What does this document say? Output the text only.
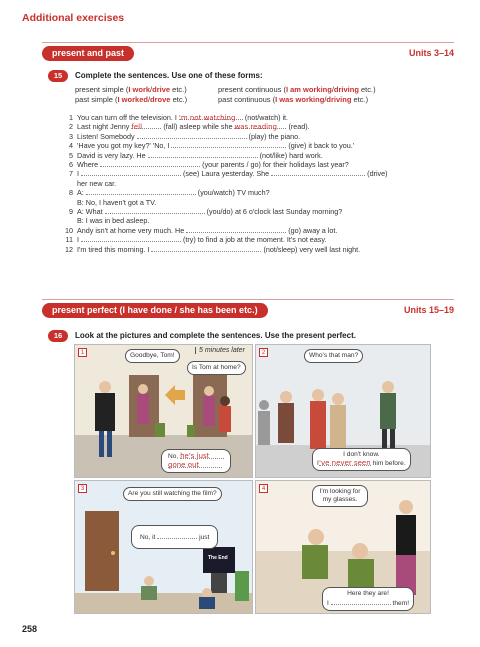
Additional exercises
present and past	Units 3–14
15	Complete the sentences. Use one of these forms:
present simple (I work/drive etc.)
past simple (I worked/drove etc.)
present continuous (I am working/driving etc.)
past continuous (I was working/driving etc.)
1 You can turn off the television. I 'm not watching (not/watch) it.
2 Last night Jenny fell	(fall) asleep while she was reading (read).
3 Listen! Somebody	(play) the piano.
4 'Have you got my key?' 'No, I	(give) it back to you.'
5 David is very lazy. He	(not/like) hard work.
6 Where	(your parents / go) for their holidays last year?
7 I	(see) Laura yesterday. She	(drive)
her new car.
8 A:	(you/watch) TV much?
B: No, I haven't got a TV.
9 A: What	(you/do) at 6 o'clock last Sunday morning?
B: I was in bed asleep.
10 Andy isn't at home very much. He	(go) away a lot.
11 I	(try) to find a job at the moment. It's not easy.
12 I'm tired this morning. I	(not/sleep) very well last night.
present perfect (I have done / she has been etc.)	Units 15–19
16	Look at the pictures and complete the sentences. Use the present perfect.
1	Goodbye, Tom!
5 minutes later
Is Tom at home?
No, he's just
gone out
2	Who's that man?
I don't know.
I've never seen him before.
3
Are you still watching the film?
No, it	just
The End
4	I'm looking for my glasses.
Here they are!
I	them!
258
